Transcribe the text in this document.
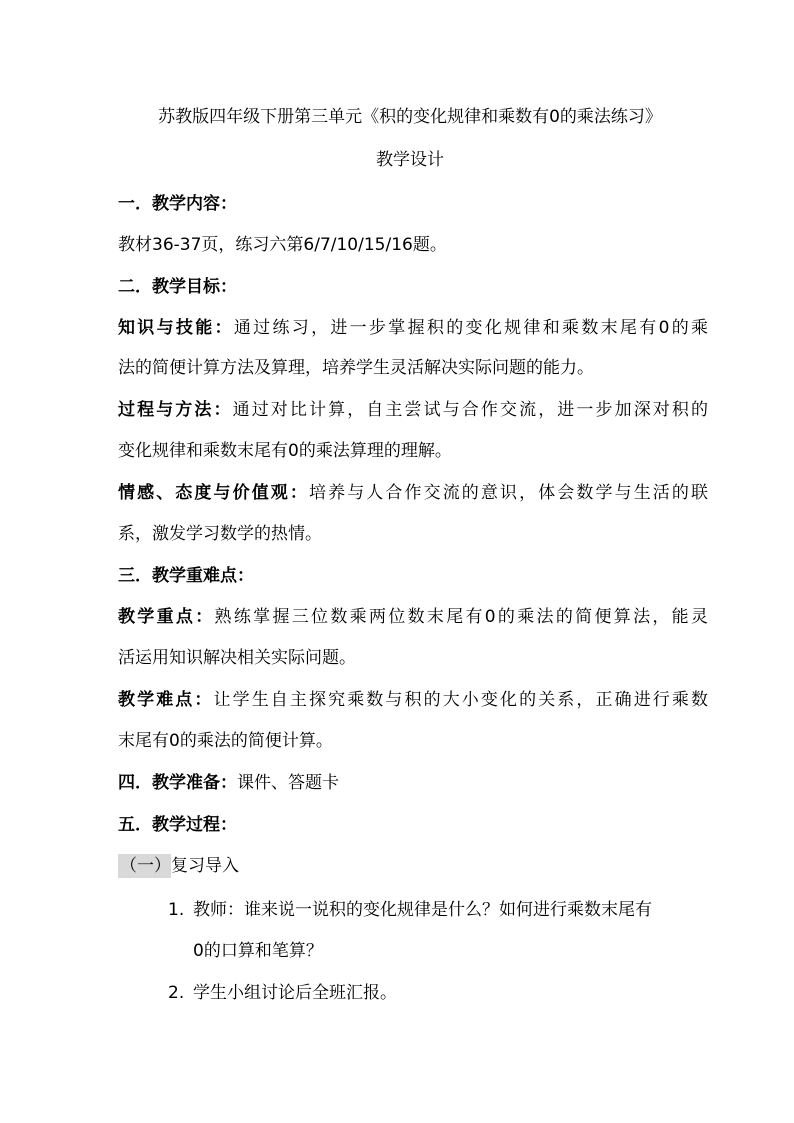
苏教版四年级下册第三单元《积的变化规律和乘数有0的乘法练习》
教学设计
一．教学内容：
教材36-37页，练习六第6/7/10/15/16题。
二．教学目标：
知识与技能：通过练习，进一步掌握积的变化规律和乘数末尾有0的乘
法的简便计算方法及算理，培养学生灵活解决实际问题的能力。
过程与方法：通过对比计算，自主尝试与合作交流，进一步加深对积的
变化规律和乘数末尾有0的乘法算理的理解。
情感、态度与价值观：培养与人合作交流的意识，体会数学与生活的联
系，激发学习数学的热情。
三．教学重难点：
教学重点：熟练掌握三位数乘两位数末尾有0的乘法的简便算法，能灵
活运用知识解决相关实际问题。
教学难点：让学生自主探究乘数与积的大小变化的关系，正确进行乘数
末尾有0的乘法的简便计算。
四．教学准备：课件、答题卡
五．教学过程：
（一）复习导入
1. 教师：谁来说一说积的变化规律是什么？如何进行乘数末尾有
0的口算和笔算？
2. 学生小组讨论后全班汇报。
